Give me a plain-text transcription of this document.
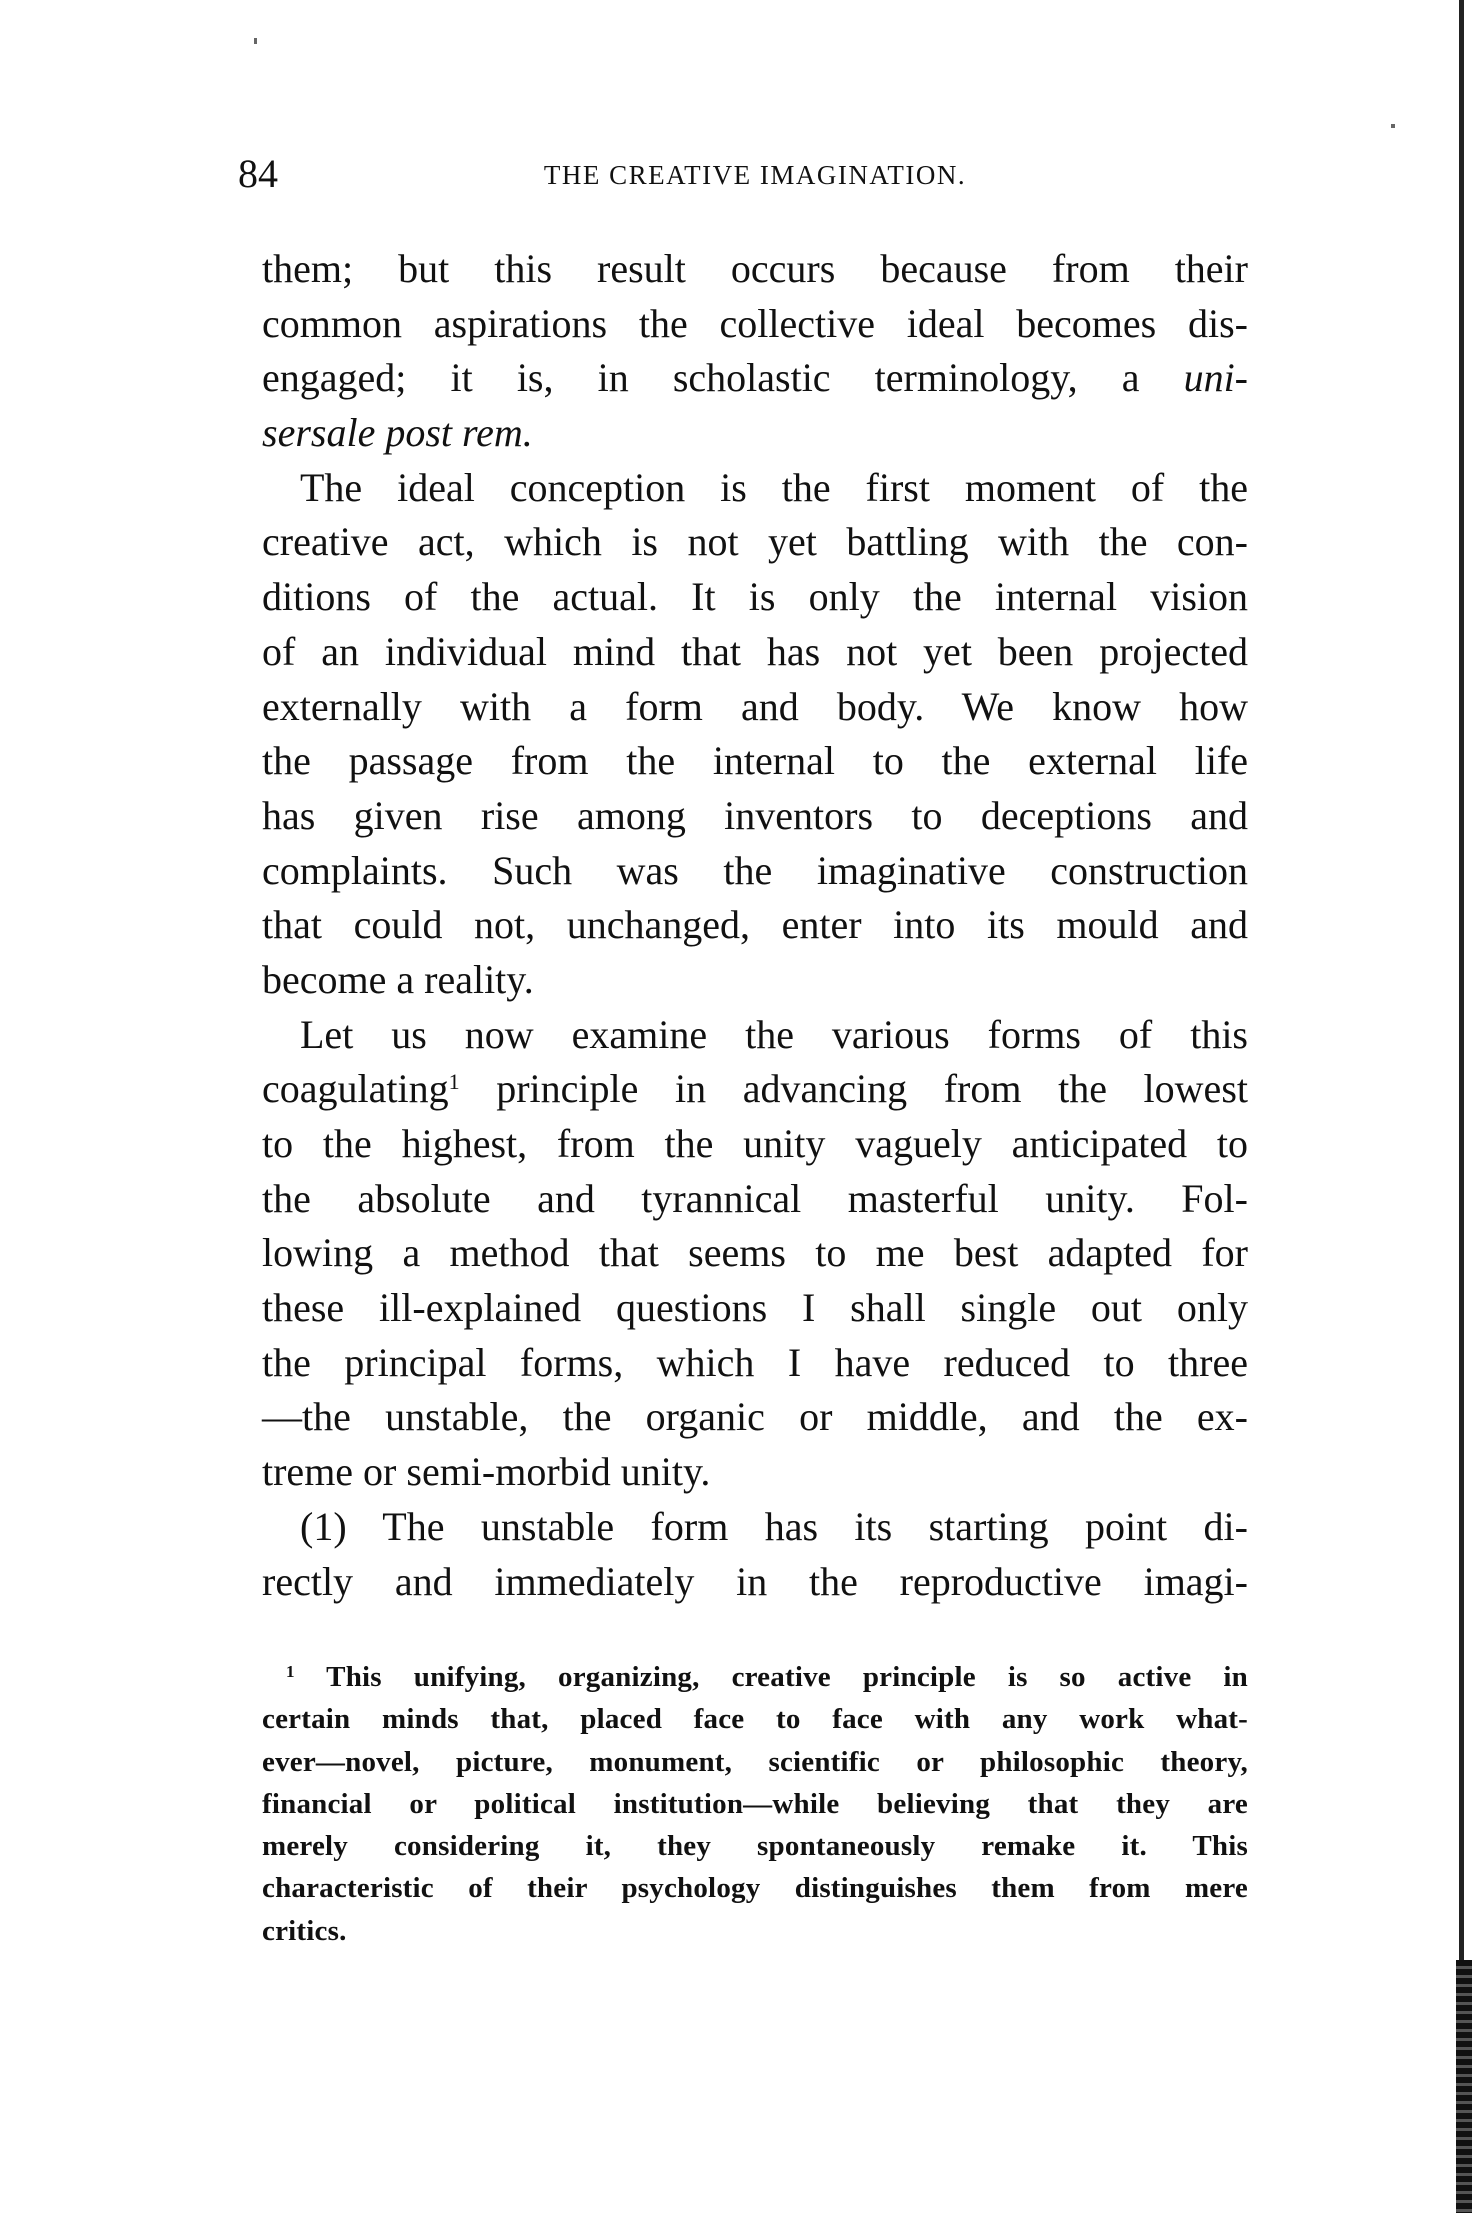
84	THE CREATIVE IMAGINATION.
them; but this result occurs because from their
common aspirations the collective ideal becomes dis-
engaged; it is, in scholastic terminology, a uni-
sersale post rem.
The ideal conception is the first moment of the
creative act, which is not yet battling with the con-
ditions of the actual. It is only the internal vision
of an individual mind that has not yet been projected
externally with a form and body. We know how
the passage from the internal to the external life
has given rise among inventors to deceptions and
complaints. Such was the imaginative construction
that could not, unchanged, enter into its mould and
become a reality.
Let us now examine the various forms of this
coagulating$^1$ principle in advancing from the lowest
to the highest, from the unity vaguely anticipated to
the absolute and tyrannical masterful unity. Fol-
lowing a method that seems to me best adapted for
these ill-explained questions I shall single out only
the principal forms, which I have reduced to three
—the unstable, the organic or middle, and the ex-
treme or semi-morbid unity.
(1) The unstable form has its starting point di-
rectly and immediately in the reproductive imagi-
$^1$ This unifying, organizing, creative principle is so active in
certain minds that, placed face to face with any work what-
ever—novel, picture, monument, scientific or philosophic theory,
financial or political institution—while believing that they are
merely considering it, they spontaneously remake it. This
characteristic of their psychology distinguishes them from mere
critics.
